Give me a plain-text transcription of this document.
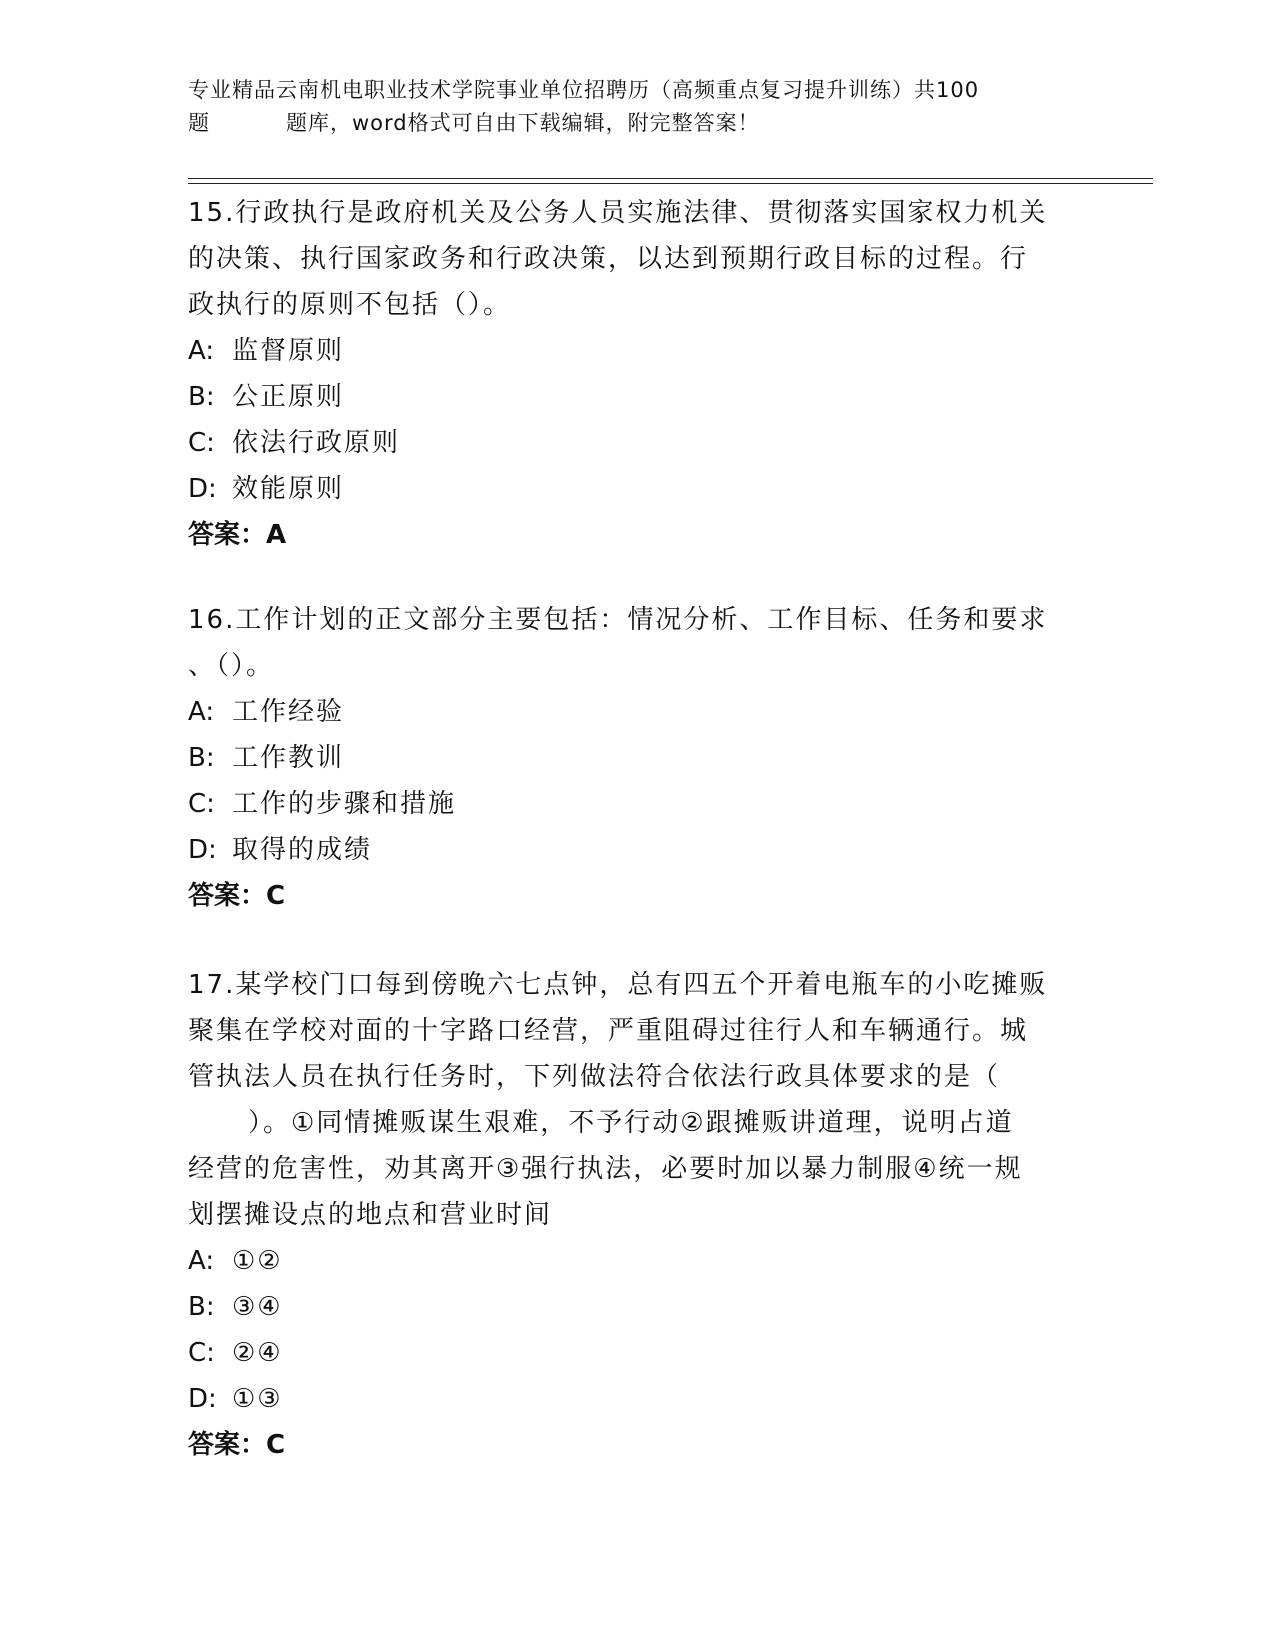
专业精品云南机电职业技术学院事业单位招聘历（高频重点复习提升训练）共100
题	题库，word格式可自由下载编辑，附完整答案！

15.行政执行是政府机关及公务人员实施法律、贯彻落实国家权力机关

的决策、执行国家政务和行政决策，以达到预期行政目标的过程。行

政执行的原则不包括（）。

A: 监督原则

B: 公正原则

C: 依法行政原则

D: 效能原则

答案：A

16.工作计划的正文部分主要包括：情况分析、工作目标、任务和要求

、（）。

A: 工作经验

B: 工作教训

C: 工作的步骤和措施

D: 取得的成绩

答案：C

17.某学校门口每到傍晚六七点钟，总有四五个开着电瓶车的小吃摊贩

聚集在学校对面的十字路口经营，严重阻碍过往行人和车辆通行。城

管执法人员在执行任务时，下列做法符合依法行政具体要求的是（

）。①同情摊贩谋生艰难，不予行动②跟摊贩讲道理，说明占道

经营的危害性，劝其离开③强行执法，必要时加以暴力制服④统一规

划摆摊设点的地点和营业时间

A: ①②

B: ③④

C: ②④

D: ①③

答案：C
